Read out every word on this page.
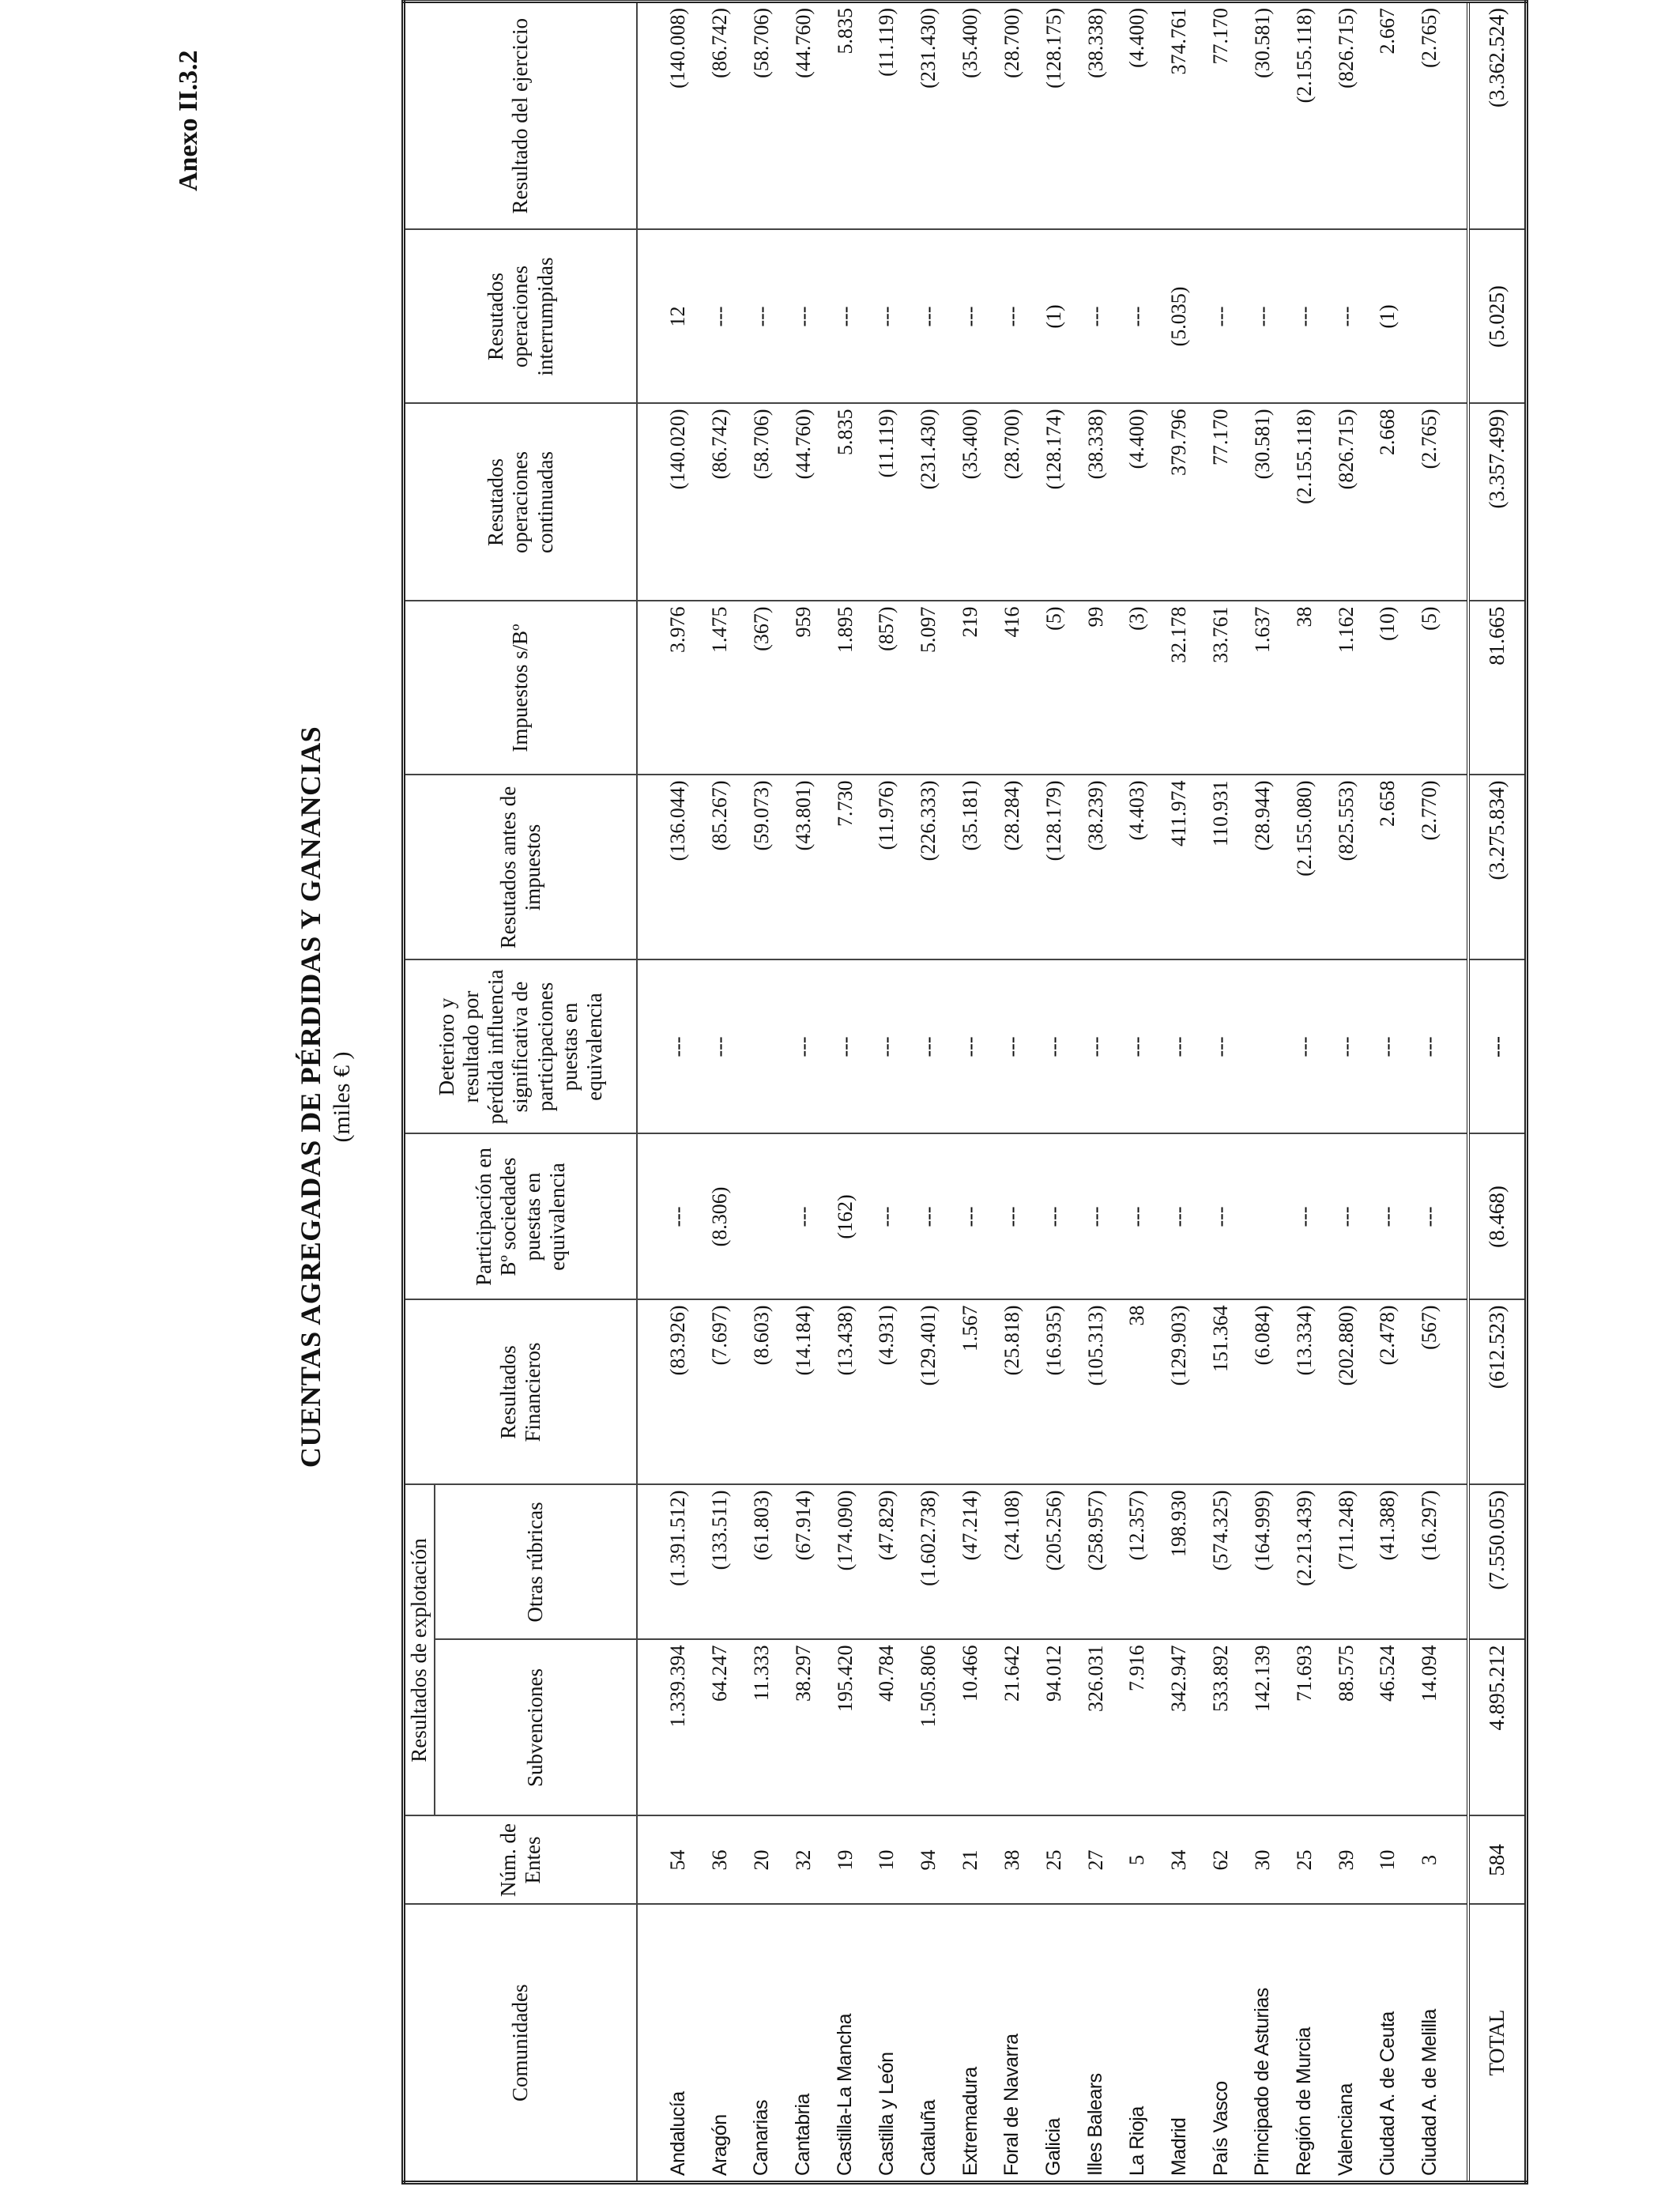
Anexo II.3.2
CUENTAS AGREGADAS DE PÉRDIDAS Y GANANCIAS (miles € )
Comunidades	Núm. de Entes	Resultados de explotación		Resultados Financieros	Participación en Bº sociedades puestas en equivalencia	Deterioro y resultado por pérdida influencia significativa de participaciones puestas en equivalencia	Resutados antes de impuestos	Impuestos s/Bº	Resutados operaciones continuadas	Resutados operaciones interrumpidas	Resultado del ejercicio
		Subvenciones	Otras rúbricas								

Andalucía	54	1.339.394	(1.391.512)	(83.926)	---	---	(136.044)	3.976	(140.020)	12	(140.008)
Aragón	36	64.247	(133.511)	(7.697)	(8.306)	---	(85.267)	1.475	(86.742)	---	(86.742)
Canarias	20	11.333	(61.803)	(8.603)			(59.073)	(367)	(58.706)	---	(58.706)
Cantabria	32	38.297	(67.914)	(14.184)	---	---	(43.801)	959	(44.760)	---	(44.760)
Castilla-La Mancha	19	195.420	(174.090)	(13.438)	(162)	---	7.730	1.895	5.835	---	5.835
Castilla y León	10	40.784	(47.829)	(4.931)	---	---	(11.976)	(857)	(11.119)	---	(11.119)
Cataluña	94	1.505.806	(1.602.738)	(129.401)	---	---	(226.333)	5.097	(231.430)	---	(231.430)
Extremadura	21	10.466	(47.214)	1.567	---	---	(35.181)	219	(35.400)	---	(35.400)
Foral de Navarra	38	21.642	(24.108)	(25.818)	---	---	(28.284)	416	(28.700)	---	(28.700)
Galicia	25	94.012	(205.256)	(16.935)	---	---	(128.179)	(5)	(128.174)	(1)	(128.175)
Illes Balears	27	326.031	(258.957)	(105.313)	---	---	(38.239)	99	(38.338)	---	(38.338)
La Rioja	5	7.916	(12.357)	38	---	---	(4.403)	(3)	(4.400)	---	(4.400)
Madrid	34	342.947	198.930	(129.903)	---	---	411.974	32.178	379.796	(5.035)	374.761
País Vasco	62	533.892	(574.325)	151.364	---	---	110.931	33.761	77.170	---	77.170
Principado de Asturias	30	142.139	(164.999)	(6.084)			(28.944)	1.637	(30.581)	---	(30.581)
Región de Murcia	25	71.693	(2.213.439)	(13.334)	---	---	(2.155.080)	38	(2.155.118)	---	(2.155.118)
Valenciana	39	88.575	(711.248)	(202.880)	---	---	(825.553)	1.162	(826.715)	---	(826.715)
Ciudad A. de Ceuta	10	46.524	(41.388)	(2.478)	---	---	2.658	(10)	2.668	(1)	2.667
Ciudad A. de Melilla	3	14.094	(16.297)	(567)	---	---	(2.770)	(5)	(2.765)		(2.765)

TOTAL	584	4.895.212	(7.550.055)	(612.523)	(8.468)	---	(3.275.834)	81.665	(3.357.499)	(5.025)	(3.362.524)
